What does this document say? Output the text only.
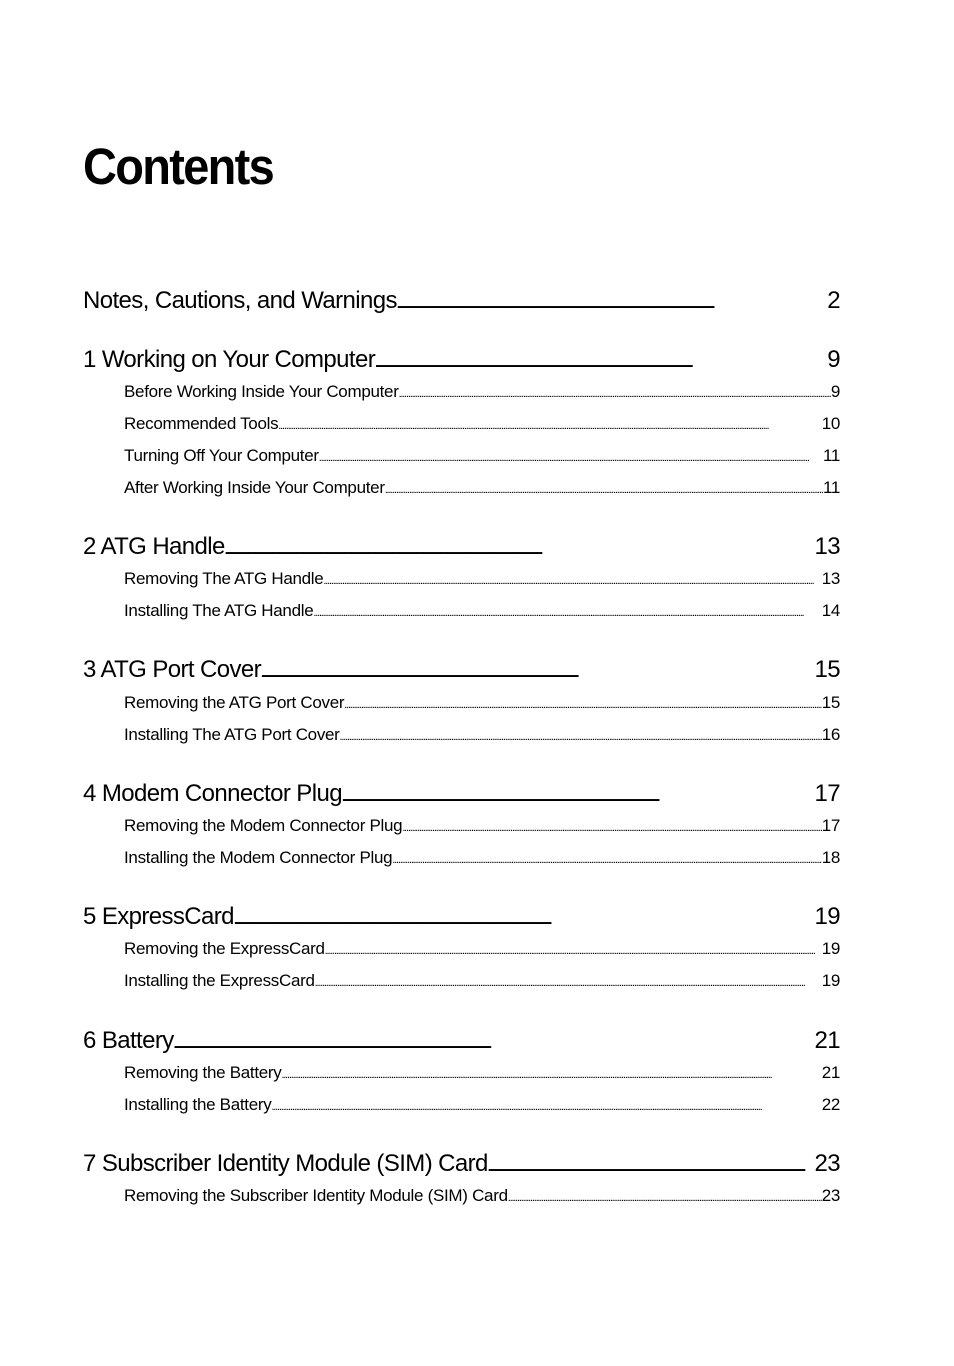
Contents
Notes, Cautions, and Warnings .....	2
1 Working on Your Computer .....	9
Before Working Inside Your Computer .....	9
Recommended Tools .....	10
Turning Off Your Computer .....	11
After Working Inside Your Computer .....	11
2 ATG Handle .....	13
Removing The ATG Handle .....	13
Installing The ATG Handle .....	14
3 ATG Port Cover .....	15
Removing the ATG Port Cover .....	15
Installing The ATG Port Cover .....	16
4 Modem Connector Plug .....	17
Removing the Modem Connector Plug .....	17
Installing the Modem Connector Plug .....	18
5 ExpressCard .....	19
Removing the ExpressCard .....	19
Installing the ExpressCard .....	19
6 Battery .....	21
Removing the Battery .....	21
Installing the Battery .....	22
7 Subscriber Identity Module (SIM) Card .....	23
Removing the Subscriber Identity Module (SIM) Card .....	23
